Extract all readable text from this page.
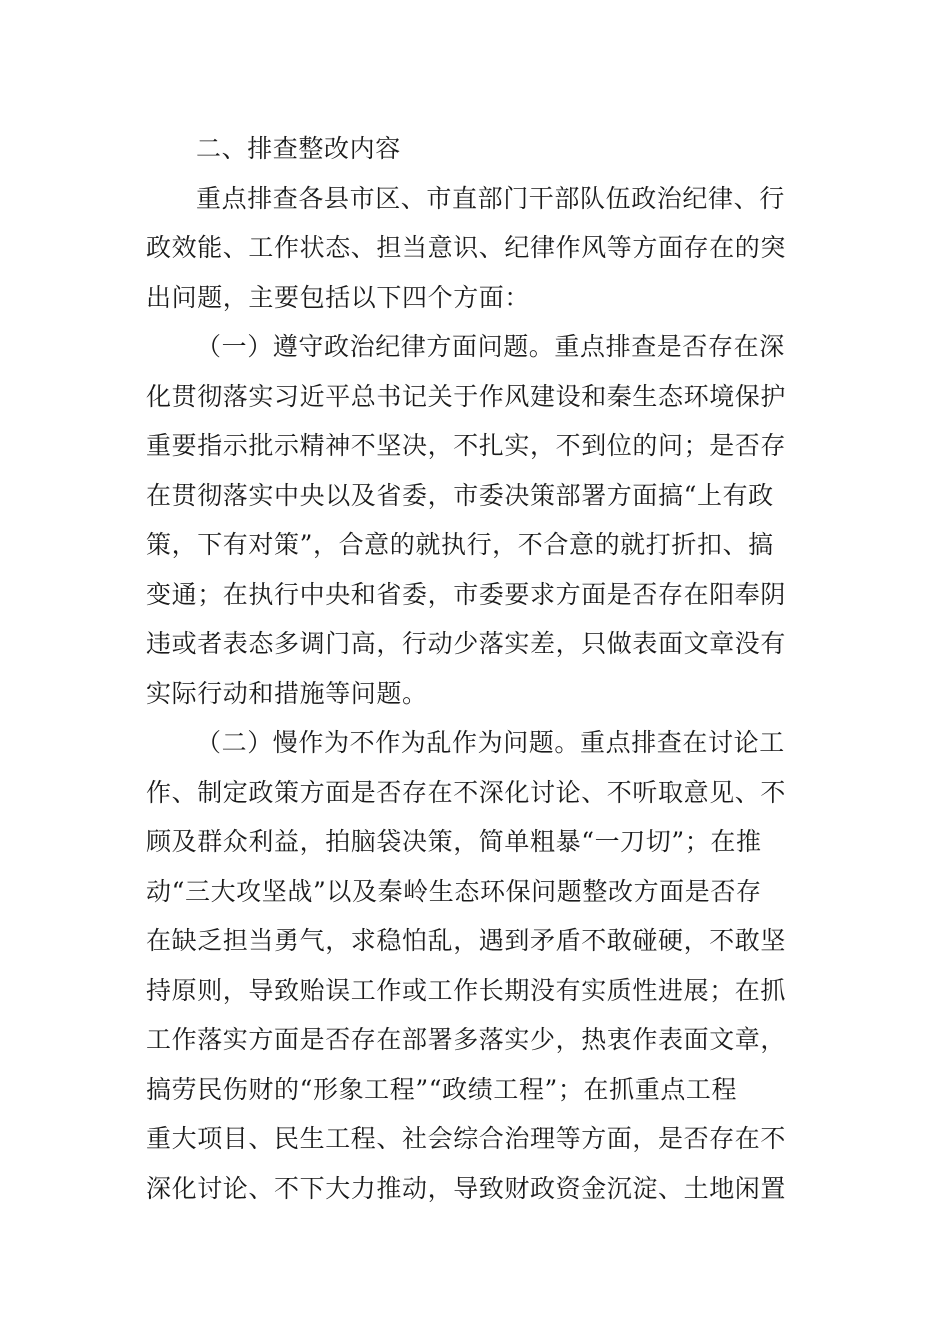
二、排查整改内容
重点排查各县市区、市直部门干部队伍政治纪律、行
政效能、工作状态、担当意识、纪律作风等方面存在的突
出问题，主要包括以下四个方面：
（一）遵守政治纪律方面问题。重点排查是否存在深
化贯彻落实习近平总书记关于作风建设和秦生态环境保护
重要指示批示精神不坚决，不扎实，不到位的问；是否存
在贯彻落实中央以及省委，市委决策部署方面搞“上有政
策，下有对策”，合意的就执行，不合意的就打折扣、搞
变通；在执行中央和省委，市委要求方面是否存在阳奉阴
违或者表态多调门高，行动少落实差，只做表面文章没有
实际行动和措施等问题。
（二）慢作为不作为乱作为问题。重点排查在讨论工
作、制定政策方面是否存在不深化讨论、不听取意见、不
顾及群众利益，拍脑袋决策，简单粗暴“一刀切”；在推
动“三大攻坚战”以及秦岭生态环保问题整改方面是否存
在缺乏担当勇气，求稳怕乱，遇到矛盾不敢碰硬，不敢坚
持原则，导致贻误工作或工作长期没有实质性进展；在抓
工作落实方面是否存在部署多落实少，热衷作表面文章，
搞劳民伤财的“形象工程”“政绩工程”；在抓重点工程
重大项目、民生工程、社会综合治理等方面，是否存在不
深化讨论、不下大力推动，导致财政资金沉淀、土地闲置
